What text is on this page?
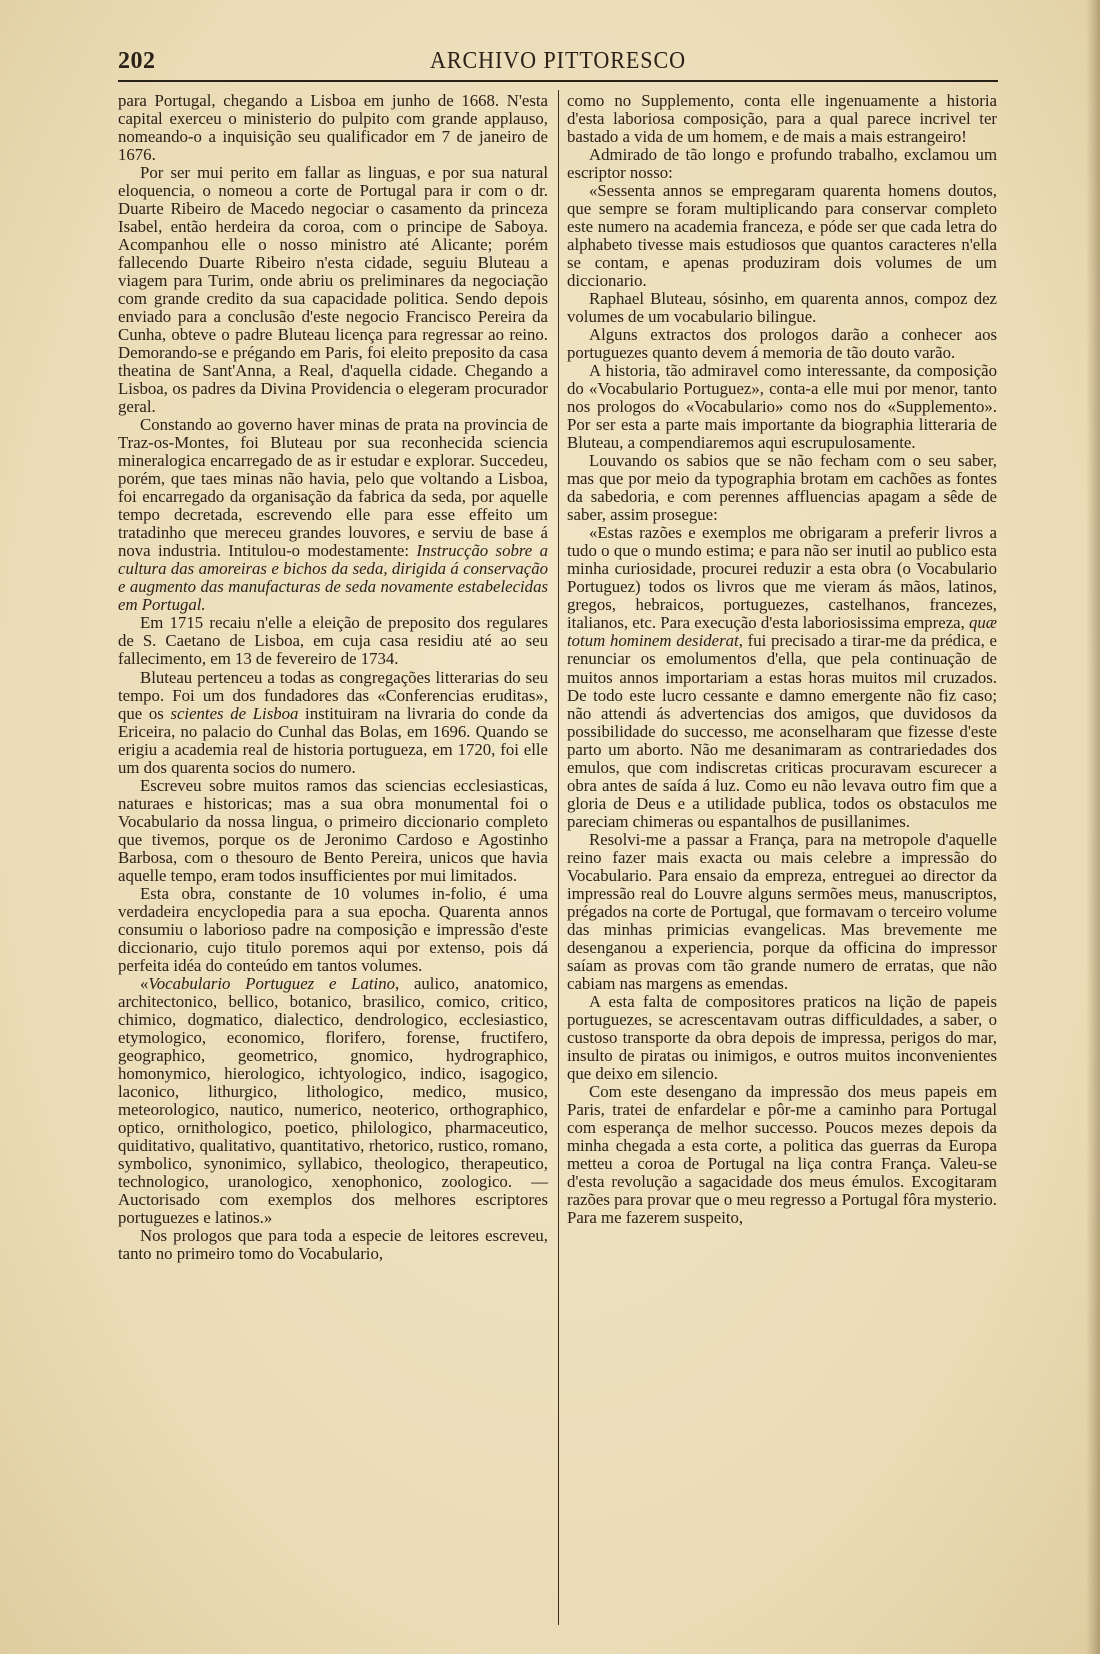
202	ARCHIVO PITTORESCO

para Portugal, chegando a Lisboa em junho de 1668. N'esta capital exerceu o ministerio do pulpito com grande applauso, nomeando-o a inquisição seu qualificador em 7 de janeiro de 1676.

Por ser mui perito em fallar as linguas, e por sua natural eloquencia, o nomeou a corte de Portugal para ir com o dr. Duarte Ribeiro de Macedo negociar o casamento da princeza Isabel, então herdeira da coroa, com o principe de Saboya. Acompanhou elle o nosso ministro até Alicante; porém fallecendo Duarte Ribeiro n'esta cidade, seguiu Bluteau a viagem para Turim, onde abriu os preliminares da negociação com grande credito da sua capacidade politica. Sendo depois enviado para a conclusão d'este negocio Francisco Pereira da Cunha, obteve o padre Bluteau licença para regressar ao reino. Demorando-se e prégando em Paris, foi eleito preposito da casa theatina de Sant'Anna, a Real, d'aquella cidade. Chegando a Lisboa, os padres da Divina Providencia o elegeram procurador geral.

Constando ao governo haver minas de prata na provincia de Traz-os-Montes, foi Bluteau por sua reconhecida sciencia mineralogica encarregado de as ir estudar e explorar. Succedeu, porém, que taes minas não havia, pelo que voltando a Lisboa, foi encarregado da organisação da fabrica da seda, por aquelle tempo decretada, escrevendo elle para esse effeito um tratadinho que mereceu grandes louvores, e serviu de base á nova industria. Intitulou-o modestamente: Instrucção sobre a cultura das amoreiras e bichos da seda, dirigida á conservação e augmento das manufacturas de seda novamente estabelecidas em Portugal.

Em 1715 recaiu n'elle a eleição de preposito dos regulares de S. Caetano de Lisboa, em cuja casa residiu até ao seu fallecimento, em 13 de fevereiro de 1734.

Bluteau pertenceu a todas as congregações litterarias do seu tempo. Foi um dos fundadores das «Conferencias eruditas», que os scientes de Lisboa instituiram na livraria do conde da Ericeira, no palacio do Cunhal das Bolas, em 1696. Quando se erigiu a academia real de historia portugueza, em 1720, foi elle um dos quarenta socios do numero.

Escreveu sobre muitos ramos das sciencias ecclesiasticas, naturaes e historicas; mas a sua obra monumental foi o Vocabulario da nossa lingua, o primeiro diccionario completo que tivemos, porque os de Jeronimo Cardoso e Agostinho Barbosa, com o thesouro de Bento Pereira, unicos que havia aquelle tempo, eram todos insufficientes por mui limitados.

Esta obra, constante de 10 volumes in-folio, é uma verdadeira encyclopedia para a sua epocha. Quarenta annos consumiu o laborioso padre na composição e impressão d'este diccionario, cujo titulo poremos aqui por extenso, pois dá perfeita idéa do conteúdo em tantos volumes.

«Vocabulario Portuguez e Latino, aulico, anatomico, architectonico, bellico, botanico, brasilico, comico, critico, chimico, dogmatico, dialectico, dendrologico, ecclesiastico, etymologico, economico, florifero, forense, fructifero, geographico, geometrico, gnomico, hydrographico, homonymico, hierologico, ichtyologico, indico, isagogico, laconico, lithurgico, lithologico, medico, musico, meteorologico, nautico, numerico, neoterico, orthographico, optico, ornithologico, poetico, philologico, pharmaceutico, quiditativo, qualitativo, quantitativo, rhetorico, rustico, romano, symbolico, synonimico, syllabico, theologico, therapeutico, technologico, uranologico, xenophonico, zoologico. — Auctorisado com exemplos dos melhores escriptores portuguezes e latinos.»

Nos prologos que para toda a especie de leitores escreveu, tanto no primeiro tomo do Vocabulario,

como no Supplemento, conta elle ingenuamente a historia d'esta laboriosa composição, para a qual parece incrivel ter bastado a vida de um homem, e de mais a mais estrangeiro!

Admirado de tão longo e profundo trabalho, exclamou um escriptor nosso:

«Sessenta annos se empregaram quarenta homens doutos, que sempre se foram multiplicando para conservar completo este numero na academia franceza, e póde ser que cada letra do alphabeto tivesse mais estudiosos que quantos caracteres n'ella se contam, e apenas produziram dois volumes de um diccionario.

Raphael Bluteau, sósinho, em quarenta annos, compoz dez volumes de um vocabulario bilingue.

Alguns extractos dos prologos darão a conhecer aos portuguezes quanto devem á memoria de tão douto varão.

A historia, tão admiravel como interessante, da composição do «Vocabulario Portuguez», conta-a elle mui por menor, tanto nos prologos do «Vocabulario» como nos do «Supplemento». Por ser esta a parte mais importante da biographia litteraria de Bluteau, a compendiaremos aqui escrupulosamente.

Louvando os sabios que se não fecham com o seu saber, mas que por meio da typographia brotam em cachões as fontes da sabedoria, e com perennes affluencias apagam a sêde de saber, assim prosegue:

«Estas razões e exemplos me obrigaram a preferir livros a tudo o que o mundo estima; e para não ser inutil ao publico esta minha curiosidade, procurei reduzir a esta obra (o Vocabulario Portuguez) todos os livros que me vieram ás mãos, latinos, gregos, hebraicos, portuguezes, castelhanos, francezes, italianos, etc. Para execução d'esta laboriosissima empreza, quæ totum hominem desiderat, fui precisado a tirar-me da prédica, e renunciar os emolumentos d'ella, que pela continuação de muitos annos importariam a estas horas muitos mil cruzados. De todo este lucro cessante e damno emergente não fiz caso; não attendi ás advertencias dos amigos, que duvidosos da possibilidade do successo, me aconselharam que fizesse d'este parto um aborto. Não me desanimaram as contrariedades dos emulos, que com indiscretas criticas procuravam escurecer a obra antes de saída á luz. Como eu não levava outro fim que a gloria de Deus e a utilidade publica, todos os obstaculos me pareciam chimeras ou espantalhos de pusillanimes.

Resolvi-me a passar a França, para na metropole d'aquelle reino fazer mais exacta ou mais celebre a impressão do Vocabulario. Para ensaio da empreza, entreguei ao director da impressão real do Louvre alguns sermões meus, manuscriptos, prégados na corte de Portugal, que formavam o terceiro volume das minhas primicias evangelicas. Mas brevemente me desenganou a experiencia, porque da officina do impressor saíam as provas com tão grande numero de erratas, que não cabiam nas margens as emendas.

A esta falta de compositores praticos na lição de papeis portuguezes, se acrescentavam outras difficuldades, a saber, o custoso transporte da obra depois de impressa, perigos do mar, insulto de piratas ou inimigos, e outros muitos inconvenientes que deixo em silencio.

Com este desengano da impressão dos meus papeis em Paris, tratei de enfardelar e pôr-me a caminho para Portugal com esperança de melhor successo. Poucos mezes depois da minha chegada a esta corte, a politica das guerras da Europa metteu a coroa de Portugal na liça contra França. Valeu-se d'esta revolução a sagacidade dos meus émulos. Excogitaram razões para provar que o meu regresso a Portugal fôra mysterio. Para me fazerem suspeito,
